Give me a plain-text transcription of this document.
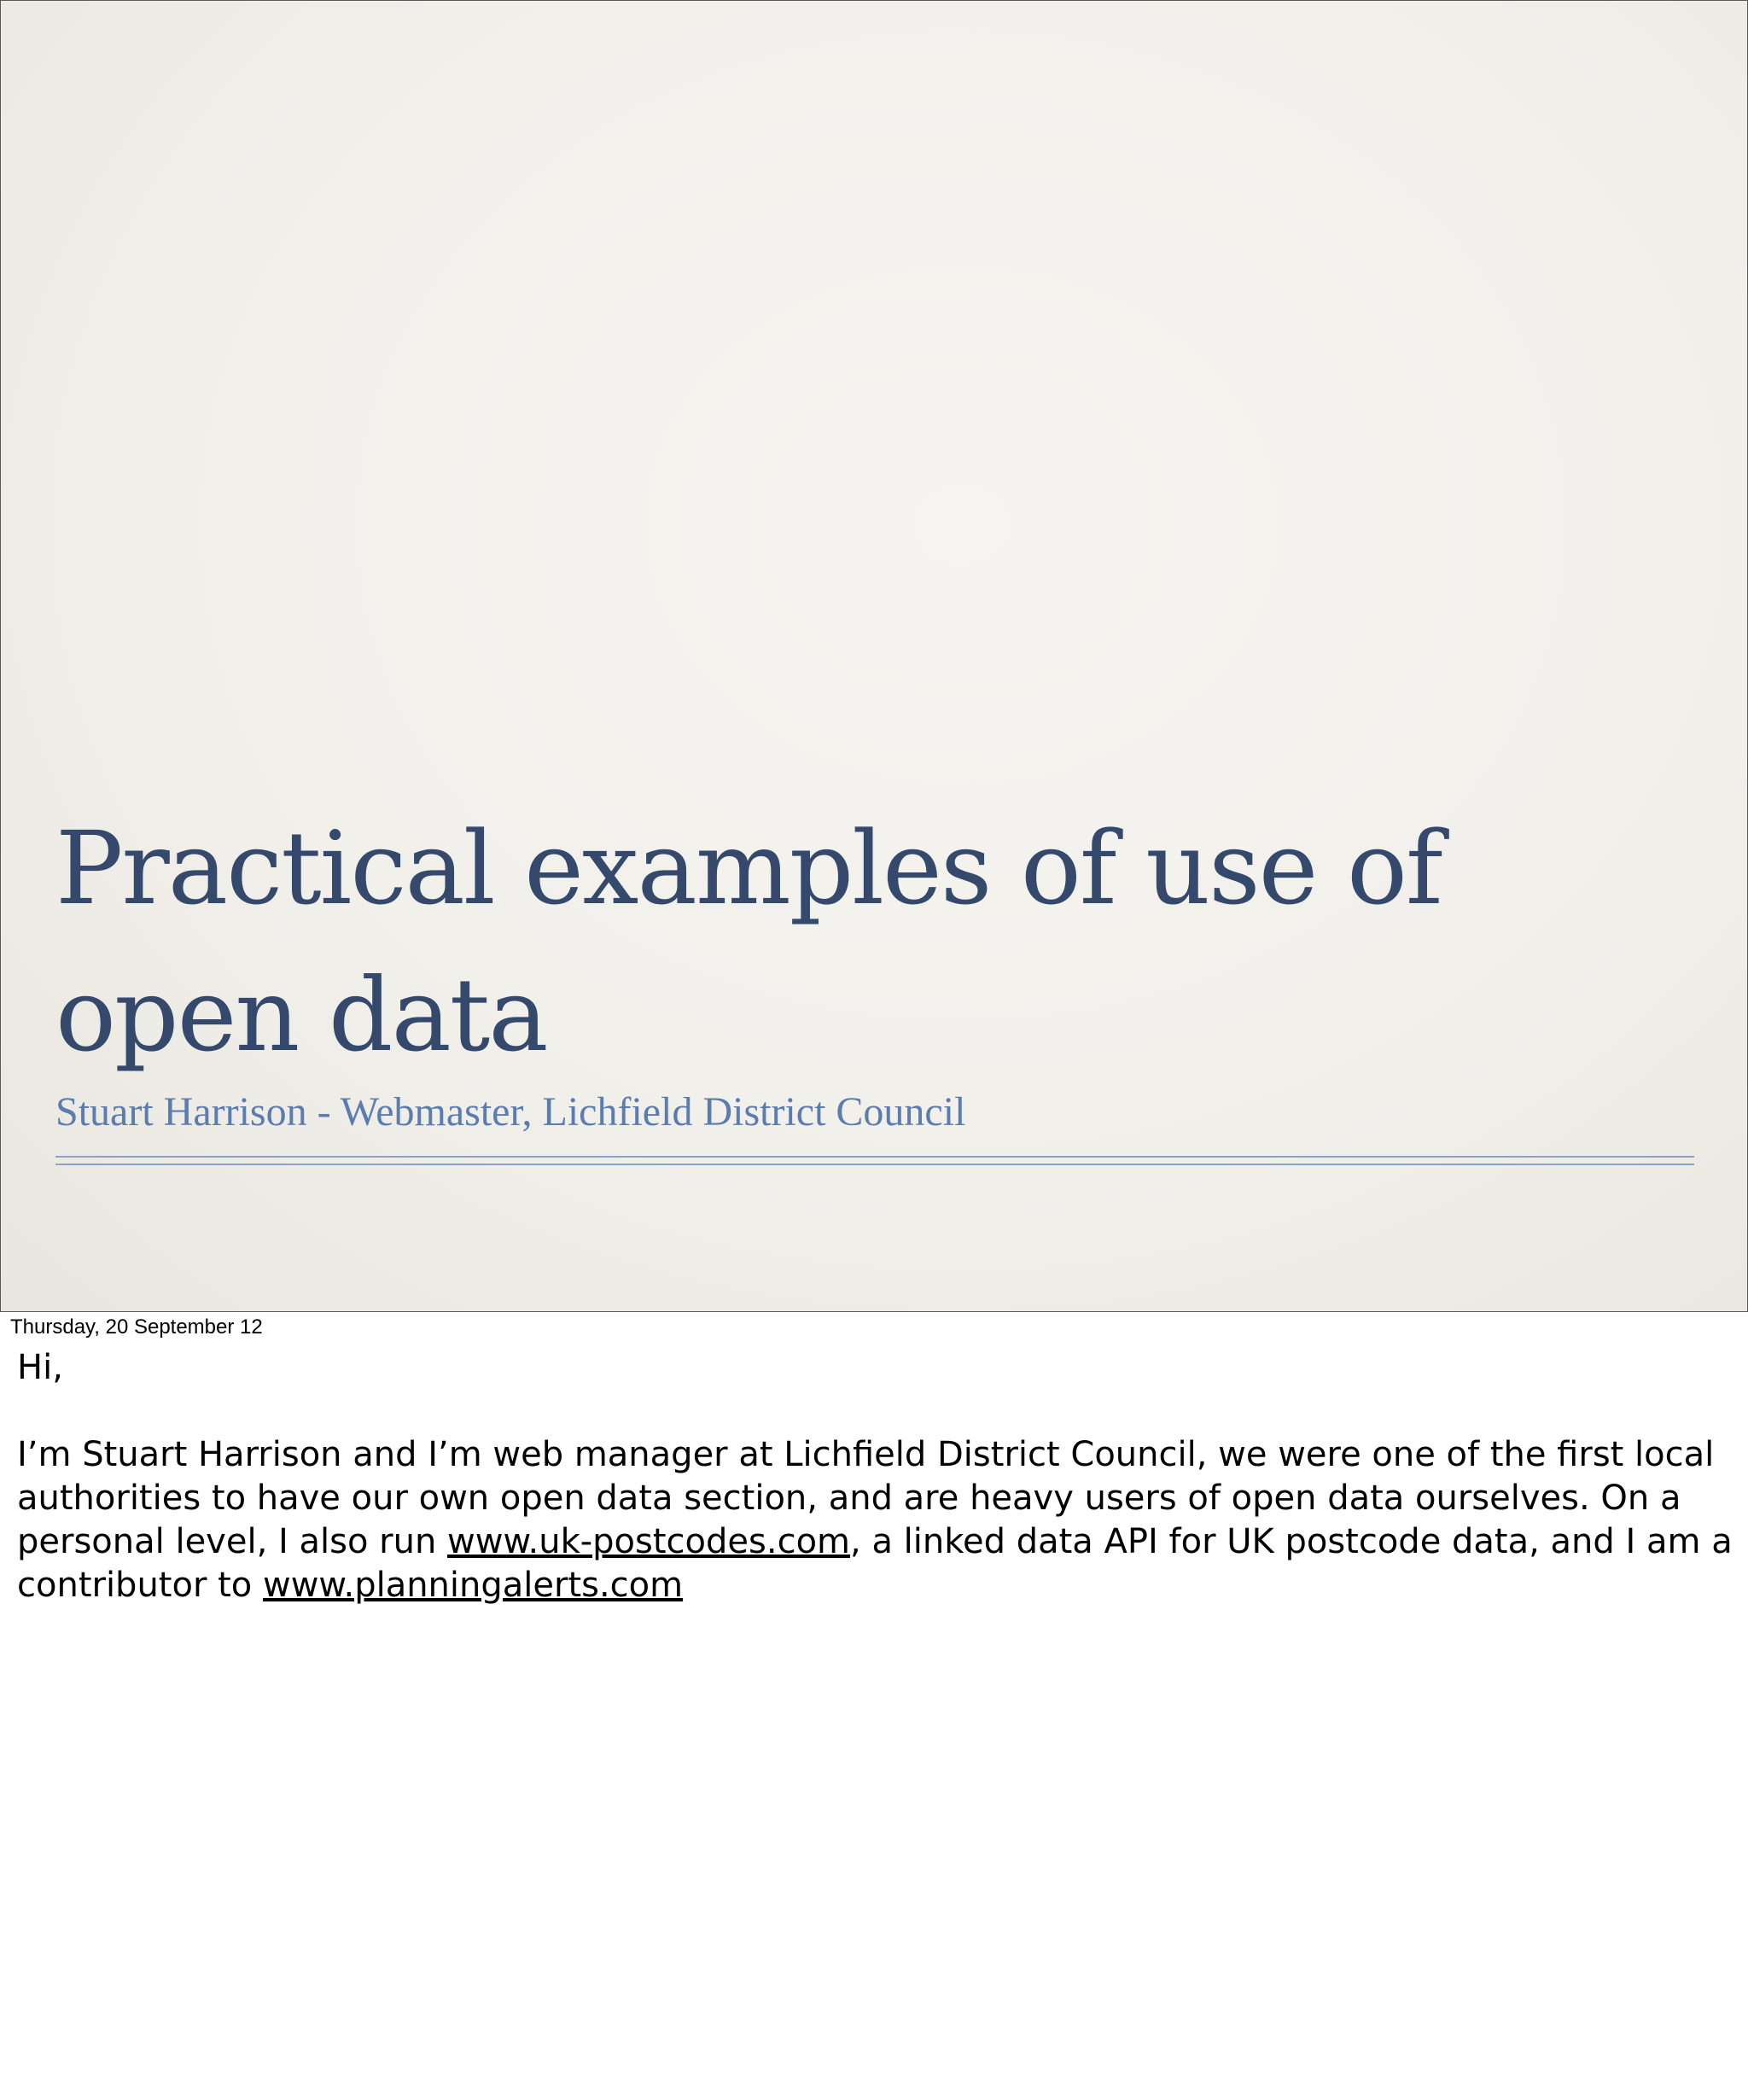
Practical examples of use of open data

Stuart Harrison - Webmaster, Lichfield District Council

Thursday, 20 September 12

Hi,

I’m Stuart Harrison and I’m web manager at Lichfield District Council, we were one of the first local authorities to have our own open data section, and are heavy users of open data ourselves. On a personal level, I also run www.uk-postcodes.com, a linked data API for UK postcode data, and I am a contributor to www.planningalerts.com
